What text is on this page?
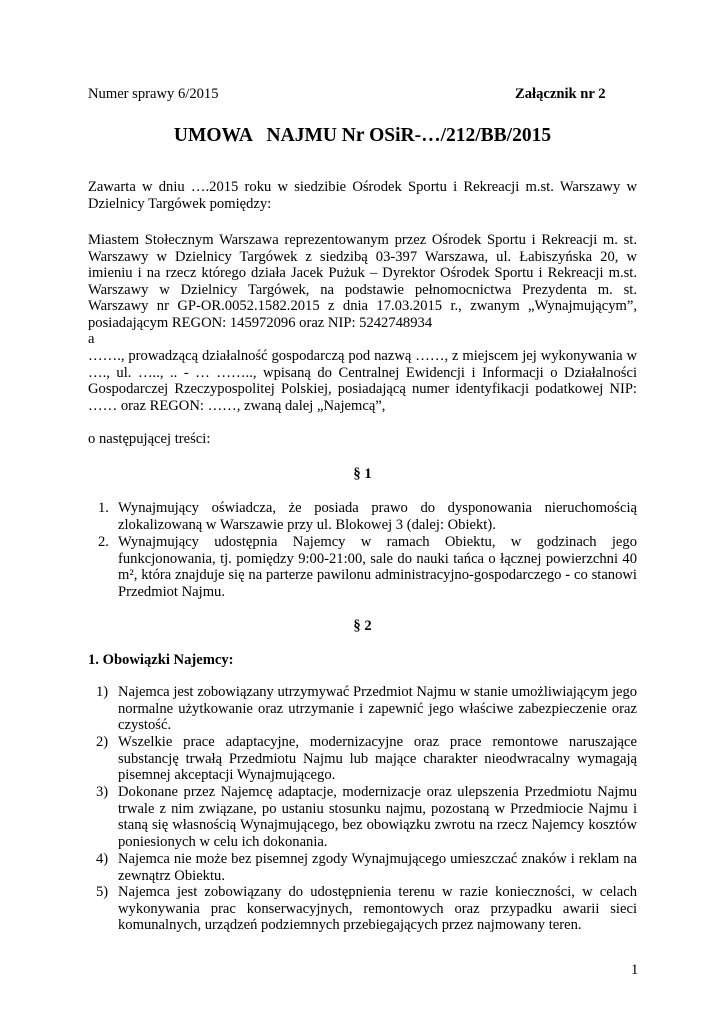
Numer sprawy 6/2015	Załącznik nr 2
UMOWA   NAJMU Nr OSiR-…/212/BB/2015
Zawarta w dniu ….2015 roku w siedzibie Ośrodek Sportu i Rekreacji m.st. Warszawy w
Dzielnicy Targówek pomiędzy:
Miastem Stołecznym Warszawa reprezentowanym przez Ośrodek Sportu i Rekreacji m. st.
Warszawy w Dzielnicy Targówek z siedzibą 03-397 Warszawa, ul. Łabiszyńska 20, w
imieniu i na rzecz którego działa Jacek Pużuk – Dyrektor Ośrodek Sportu i Rekreacji m.st.
Warszawy w Dzielnicy Targówek, na podstawie pełnomocnictwa Prezydenta m. st.
Warszawy nr GP-OR.0052.1582.2015 z dnia 17.03.2015 r., zwanym „Wynajmującym”,
posiadającym REGON: 145972096 oraz NIP: 5242748934
a
……., prowadzącą działalność gospodarczą pod nazwą ……, z miejscem jej wykonywania w
…., ul. ….., .. - … …….., wpisaną do Centralnej Ewidencji i Informacji o Działalności
Gospodarczej Rzeczypospolitej Polskiej, posiadającą numer identyfikacji podatkowej NIP:
…… oraz REGON: ……, zwaną dalej „Najemcą”,
o następującej treści:
§ 1
1. Wynajmujący oświadcza, że posiada prawo do dysponowania nieruchomością
zlokalizowaną w Warszawie przy ul. Blokowej 3 (dalej: Obiekt).
2. Wynajmujący udostępnia Najemcy w ramach Obiektu, w godzinach jego
funkcjonowania, tj. pomiędzy 9:00-21:00, sale do nauki tańca o łącznej powierzchni 40
m², która znajduje się na parterze pawilonu administracyjno-gospodarczego - co stanowi
Przedmiot Najmu.
§ 2
1. Obowiązki Najemcy:
1) Najemca jest zobowiązany utrzymywać Przedmiot Najmu w stanie umożliwiającym jego
normalne użytkowanie oraz utrzymanie i zapewnić jego właściwe zabezpieczenie oraz
czystość.
2) Wszelkie prace adaptacyjne, modernizacyjne oraz prace remontowe naruszające
substancję trwałą Przedmiotu Najmu lub mające charakter nieodwracalny wymagają
pisemnej akceptacji Wynajmującego.
3) Dokonane przez Najemcę adaptacje, modernizacje oraz ulepszenia Przedmiotu Najmu
trwale z nim związane, po ustaniu stosunku najmu, pozostaną w Przedmiocie Najmu i
staną się własnością Wynajmującego, bez obowiązku zwrotu na rzecz Najemcy kosztów
poniesionych w celu ich dokonania.
4) Najemca nie może bez pisemnej zgody Wynajmującego umieszczać znaków i reklam na
zewnątrz Obiektu.
5) Najemca jest zobowiązany do udostępnienia terenu w razie konieczności, w celach
wykonywania prac konserwacyjnych, remontowych oraz przypadku awarii sieci
komunalnych, urządzeń podziemnych przebiegających przez najmowany teren.
1
